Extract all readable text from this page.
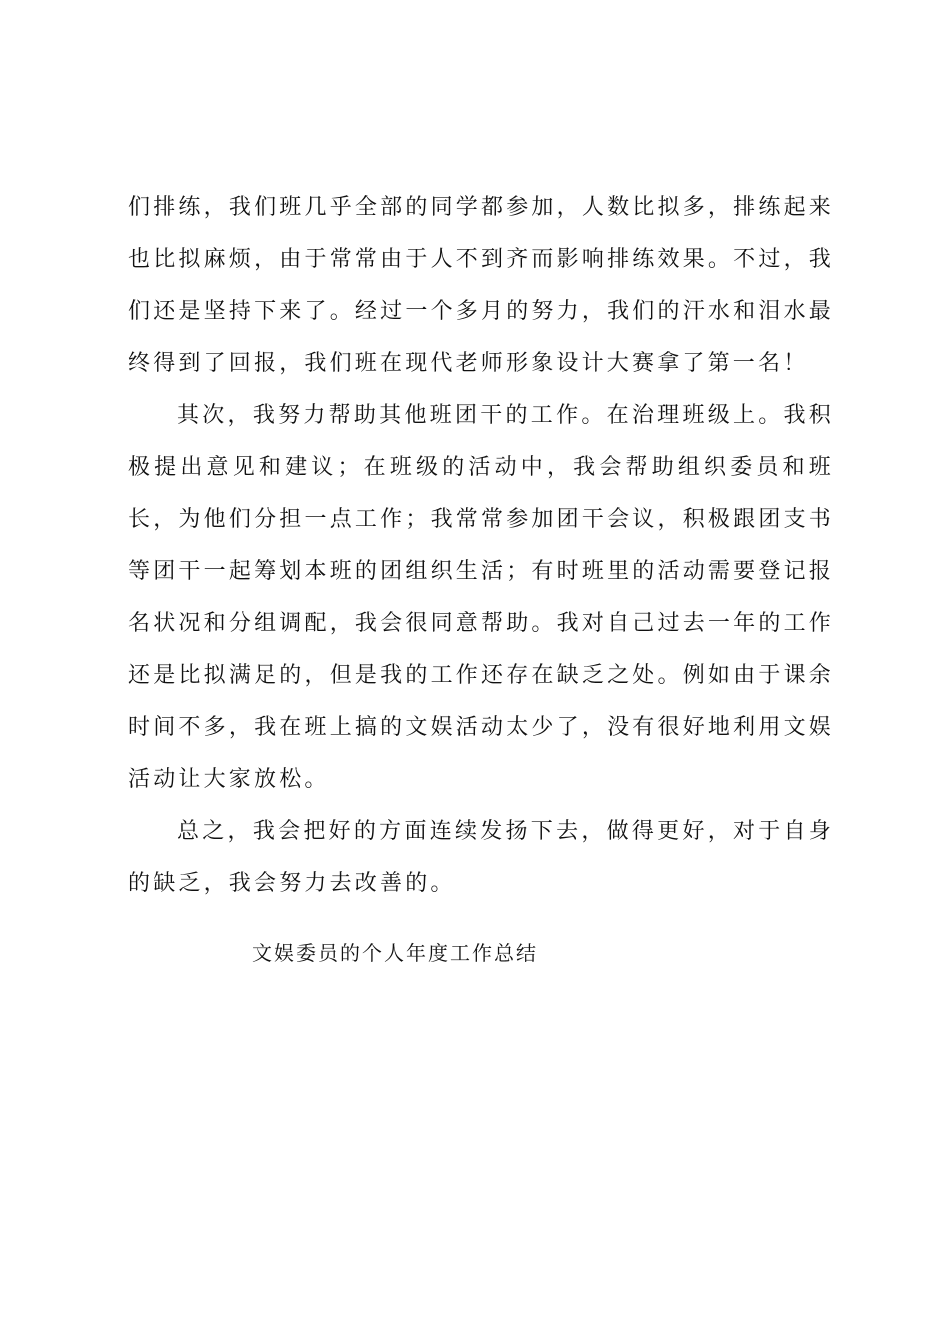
们排练，我们班几乎全部的同学都参加，人数比拟多，排练起来也比拟麻烦，由于常常由于人不到齐而影响排练效果。不过，我们还是坚持下来了。经过一个多月的努力，我们的汗水和泪水最终得到了回报，我们班在现代老师形象设计大赛拿了第一名！

其次，我努力帮助其他班团干的工作。在治理班级上。我积极提出意见和建议；在班级的活动中，我会帮助组织委员和班长，为他们分担一点工作；我常常参加团干会议，积极跟团支书等团干一起筹划本班的团组织生活；有时班里的活动需要登记报名状况和分组调配，我会很同意帮助。我对自己过去一年的工作还是比拟满足的，但是我的工作还存在缺乏之处。例如由于课余时间不多，我在班上搞的文娱活动太少了，没有很好地利用文娱活动让大家放松。

总之，我会把好的方面连续发扬下去，做得更好，对于自身的缺乏，我会努力去改善的。

文娱委员的个人年度工作总结
